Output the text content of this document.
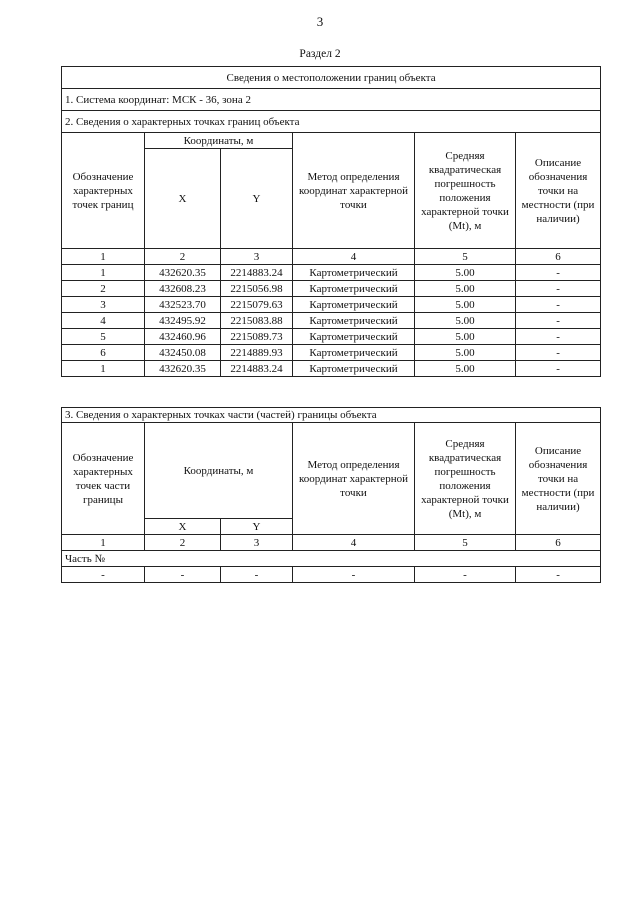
3
Раздел 2
Сведения о местоположении границ объекта					
1. Система координат: МСК - 36, зона 2					
2. Сведения о характерных точках границ объекта					
Обозначение характерных точек границ	Координаты, м		Метод определения координат характерной точки	Средняя квадратическая погрешность положения характерной точки (Mt), м	Описание обозначения точки на местности (при наличии)
	X	Y			
1	2	3	4	5	6
1	432620.35	2214883.24	Картометрический	5.00	-
2	432608.23	2215056.98	Картометрический	5.00	-
3	432523.70	2215079.63	Картометрический	5.00	-
4	432495.92	2215083.88	Картометрический	5.00	-
5	432460.96	2215089.73	Картометрический	5.00	-
6	432450.08	2214889.93	Картометрический	5.00	-
1	432620.35	2214883.24	Картометрический	5.00	-
3. Сведения о характерных точках части (частей) границы объекта					
Обозначение характерных точек части границы	Координаты, м		Метод определения координат характерной точки	Средняя квадратическая погрешность положения характерной точки (Mt), м	Описание обозначения точки на местности (при наличии)
	X	Y			
1	2	3	4	5	6
Часть №					
-	-	-	-	-	-
